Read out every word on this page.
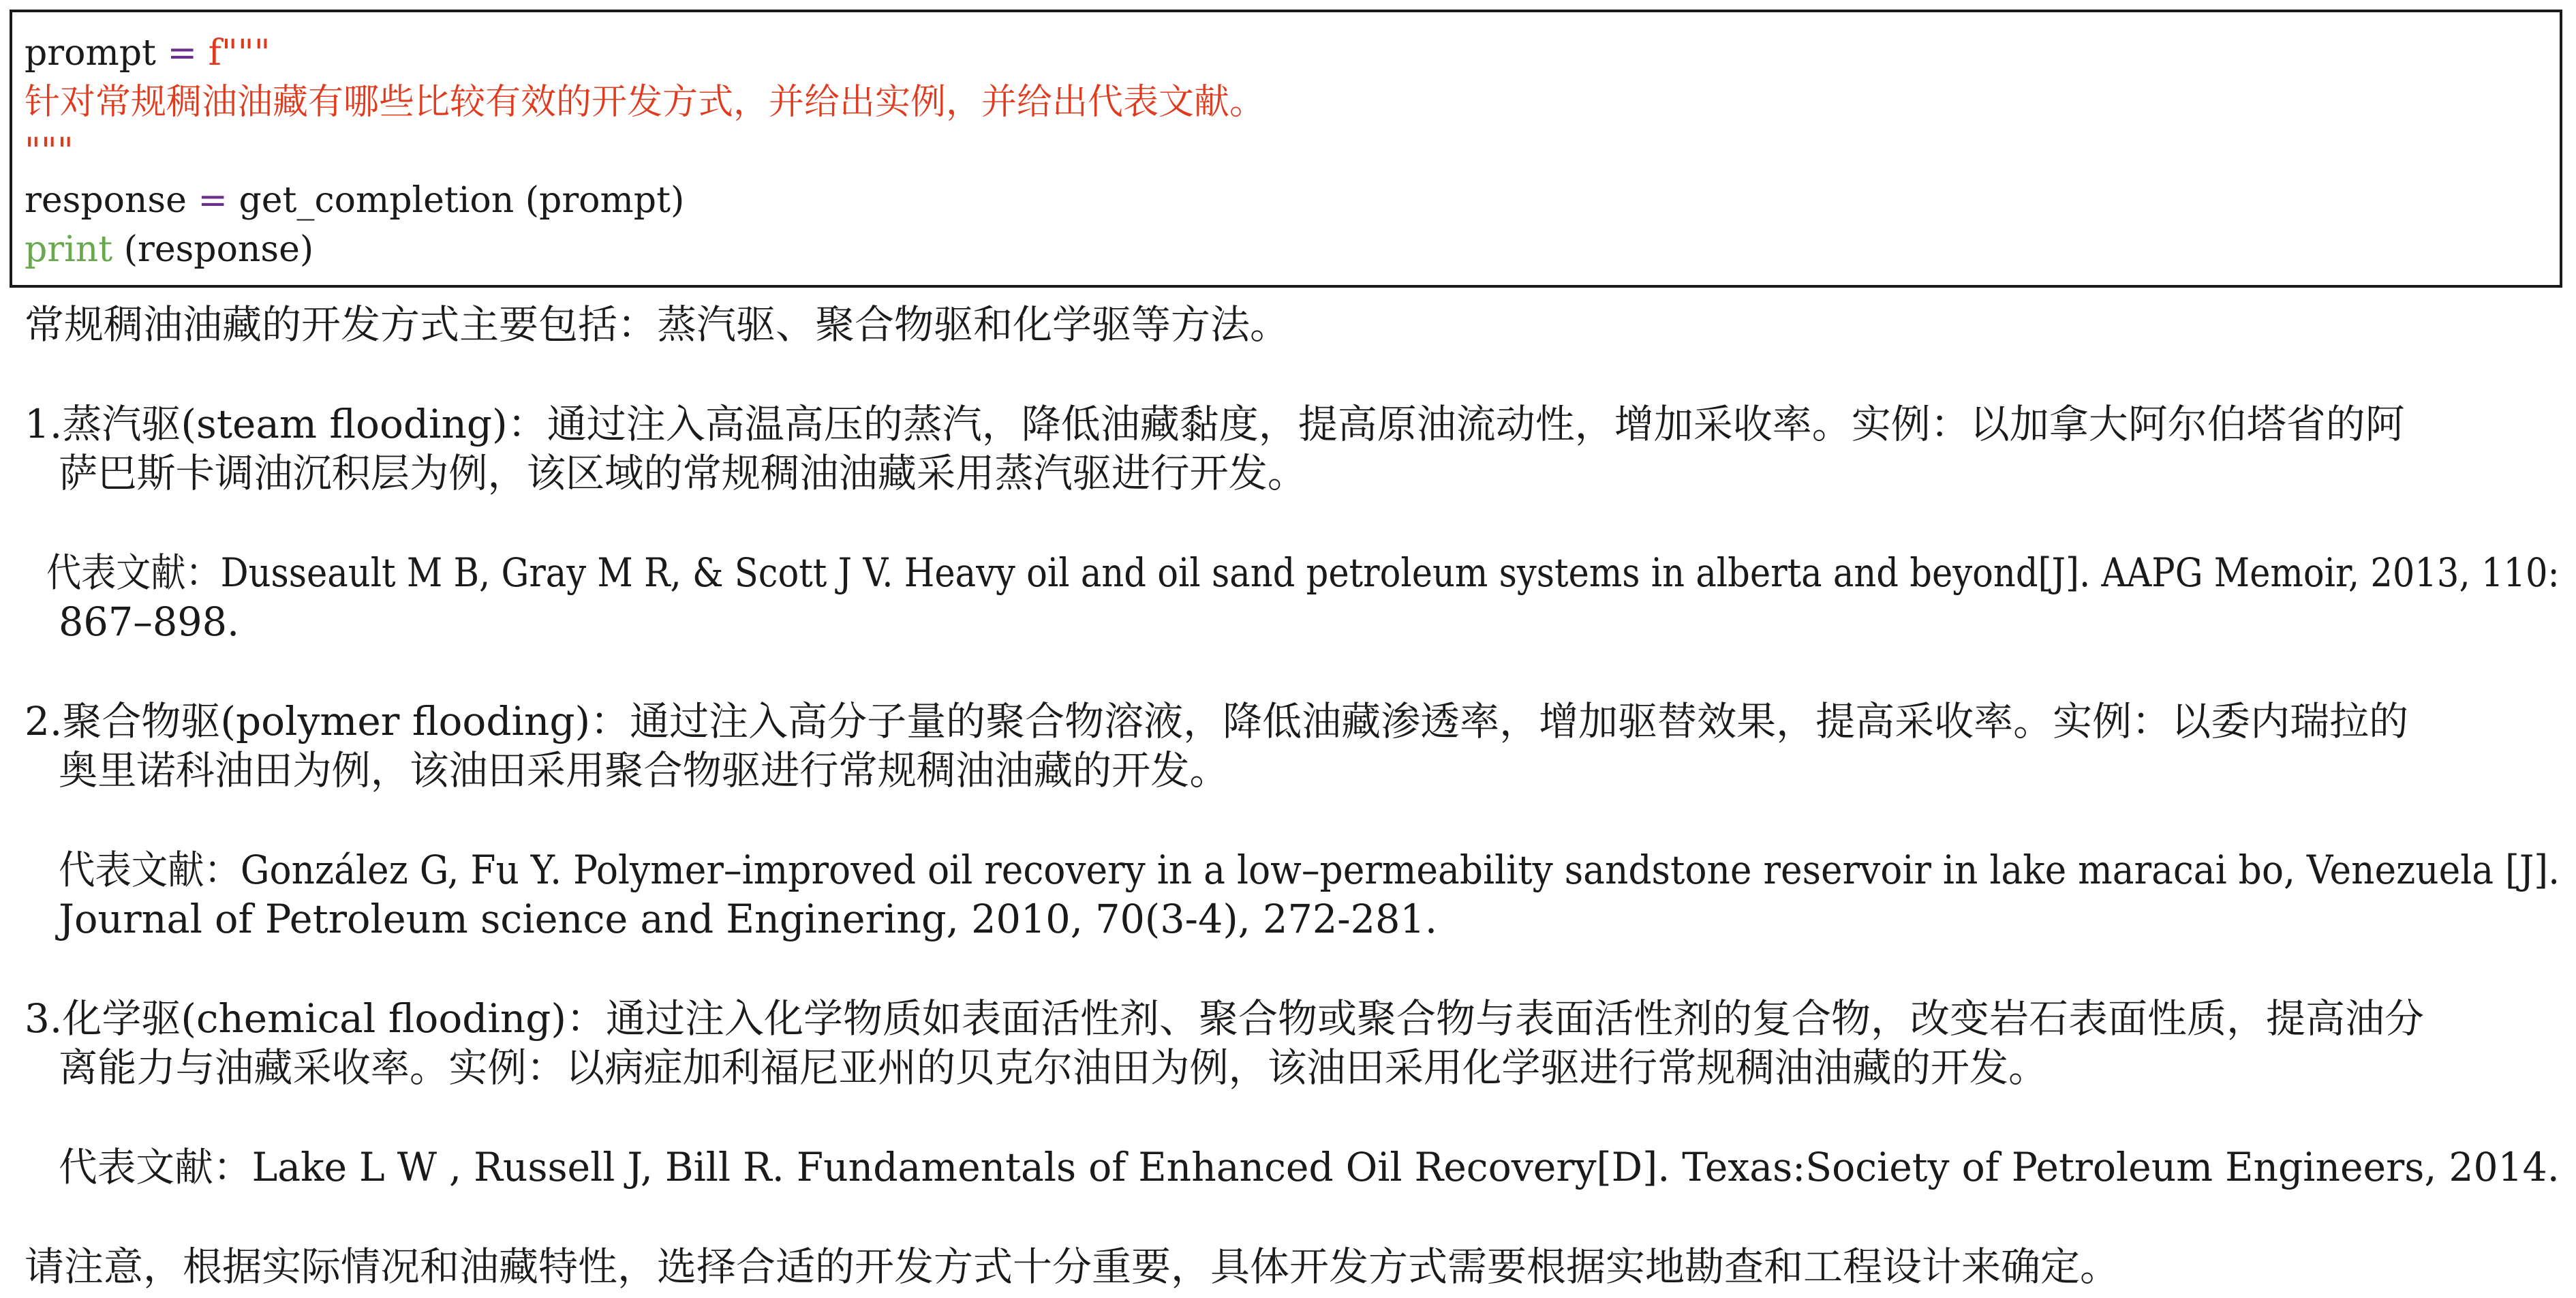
prompt = f"""
针对常规稠油油藏有哪些比较有效的开发方式，并给出实例，并给出代表文献。
"""
response = get_completion (prompt)
print (response)
常规稠油油藏的开发方式主要包括：蒸汽驱、聚合物驱和化学驱等方法。
1.蒸汽驱(steam flooding)：通过注入高温高压的蒸汽，降低油藏黏度，提高原油流动性，增加采收率。实例：以加拿大阿尔伯塔省的阿
萨巴斯卡调油沉积层为例，该区域的常规稠油油藏采用蒸汽驱进行开发。
代表文献：Dusseault M B, Gray M R, & Scott J V. Heavy oil and oil sand petroleum systems in alberta and beyond[J]. AAPG Memoir, 2013, 110:
867–898.
2.聚合物驱(polymer flooding)：通过注入高分子量的聚合物溶液，降低油藏渗透率，增加驱替效果，提高采收率。实例：以委内瑞拉的
奥里诺科油田为例，该油田采用聚合物驱进行常规稠油油藏的开发。
代表文献：González G, Fu Y. Polymer–improved oil recovery in a low–permeability sandstone reservoir in lake maracai bo, Venezuela [J].
Journal of Petroleum science and Enginering, 2010, 70(3-4), 272-281.
3.化学驱(chemical flooding)：通过注入化学物质如表面活性剂、聚合物或聚合物与表面活性剂的复合物，改变岩石表面性质，提高油分
离能力与油藏采收率。实例：以病症加利福尼亚州的贝克尔油田为例，该油田采用化学驱进行常规稠油油藏的开发。
代表文献：Lake L W , Russell J, Bill R. Fundamentals of Enhanced Oil Recovery[D]. Texas:Society of Petroleum Engineers, 2014.
请注意，根据实际情况和油藏特性，选择合适的开发方式十分重要，具体开发方式需要根据实地勘查和工程设计来确定。
